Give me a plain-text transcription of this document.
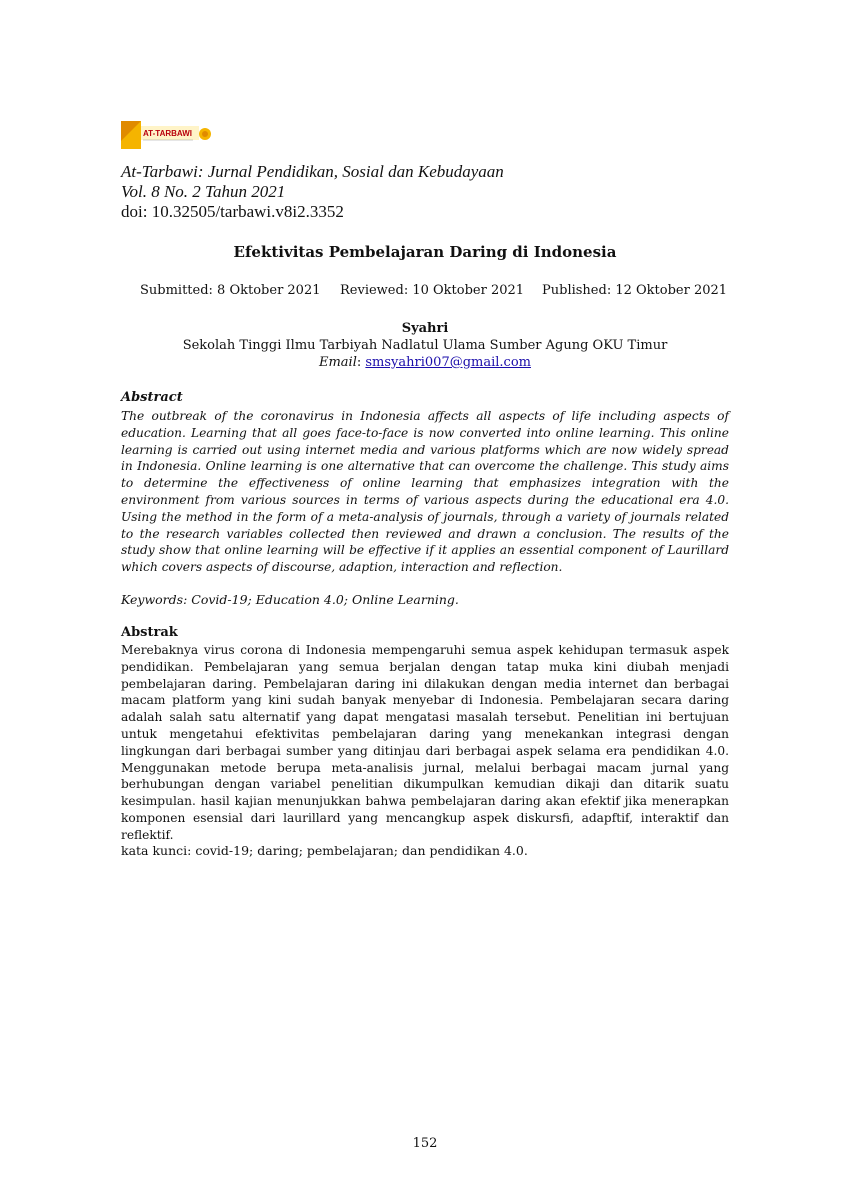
AT-TARBAWI
At-Tarbawi: Jurnal Pendidikan, Sosial dan Kebudayaan
Vol. 8 No. 2 Tahun 2021
doi: 10.32505/tarbawi.v8i2.3352
Efektivitas Pembelajaran Daring di Indonesia
Submitted: 8 Oktober 2021 Reviewed: 10 Oktober 2021 Published: 12 Oktober 2021
Syahri
Sekolah Tinggi Ilmu Tarbiyah Nadlatul Ulama Sumber Agung OKU Timur
Email: smsyahri007@gmail.com
Abstract
The outbreak of the coronavirus in Indonesia affects all aspects of life including aspects of education. Learning that all goes face-to-face is now converted into online learning. This online learning is carried out using internet media and various platforms which are now widely spread in Indonesia. Online learning is one alternative that can overcome the challenge. This study aims to determine the effectiveness of online learning that emphasizes integration with the environment from various sources in terms of various aspects during the educational era 4.0. Using the method in the form of a meta-analysis of journals, through a variety of journals related to the research variables collected then reviewed and drawn a conclusion. The results of the study show that online learning will be effective if it applies an essential component of Laurillard which covers aspects of discourse, adaption, interaction and reflection.
Keywords: Covid-19; Education 4.0; Online Learning.
Abstrak
Merebaknya virus corona di Indonesia mempengaruhi semua aspek kehidupan termasuk aspek pendidikan. Pembelajaran yang semua berjalan dengan tatap muka kini diubah menjadi pembelajaran daring. Pembelajaran daring ini dilakukan dengan media internet dan berbagai macam platform yang kini sudah banyak menyebar di Indonesia. Pembelajaran secara daring adalah salah satu alternatif yang dapat mengatasi masalah tersebut. Penelitian ini bertujuan untuk mengetahui efektivitas pembelajaran daring yang menekankan integrasi dengan lingkungan dari berbagai sumber yang ditinjau dari berbagai aspek selama era pendidikan 4.0. Menggunakan metode berupa meta-analisis jurnal, melalui berbagai macam jurnal yang berhubungan dengan variabel penelitian dikumpulkan kemudian dikaji dan ditarik suatu kesimpulan. hasil kajian menunjukkan bahwa pembelajaran daring akan efektif jika menerapkan komponen esensial dari laurillard yang mencangkup aspek diskursfi, adapftif, interaktif dan reflektif.
kata kunci: covid-19; daring; pembelajaran; dan pendidikan 4.0.
152
